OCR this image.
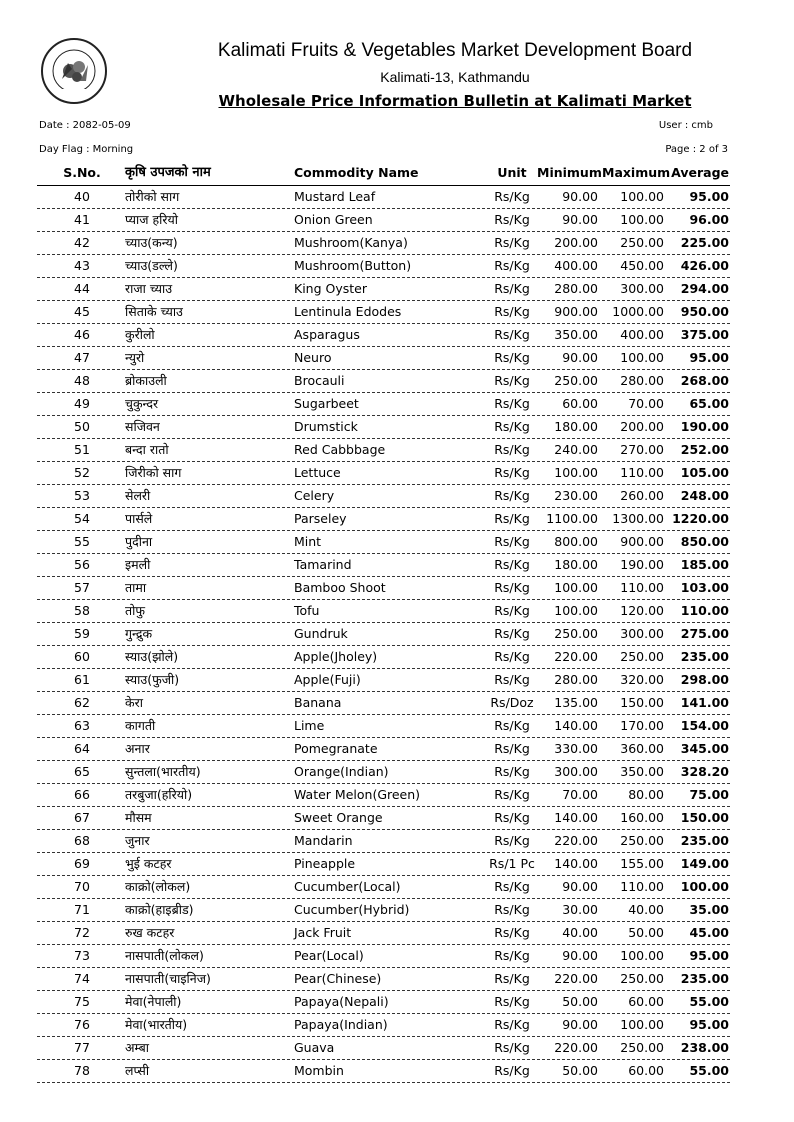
Kalimati Fruits & Vegetables Market Development Board
Kalimati-13, Kathmandu
Wholesale Price Information Bulletin at Kalimati Market
Date : 2082-05-09	User : cmb
Day Flag : Morning	Page : 2 of 3
S.No.	कृषि उपजको नाम	Commodity Name	Unit Minimum Maximum Average
40	तोरीको साग	Mustard Leaf	Rs/Kg	90.00	100.00	95.00
41	प्याज हरियो	Onion Green	Rs/Kg	90.00	100.00	96.00
42	च्याउ(कन्य)	Mushroom(Kanya)	Rs/Kg	200.00	250.00	225.00
43	च्याउ(डल्ले)	Mushroom(Button)	Rs/Kg	400.00	450.00	426.00
44	राजा च्याउ	King Oyster	Rs/Kg	280.00	300.00	294.00
45	सिताके च्याउ	Lentinula Edodes	Rs/Kg	900.00	1000.00	950.00
46	कुरीलो	Asparagus	Rs/Kg	350.00	400.00	375.00
47	न्युरो	Neuro	Rs/Kg	90.00	100.00	95.00
48	ब्रोकाउली	Brocauli	Rs/Kg	250.00	280.00	268.00
49	चुकुन्दर	Sugarbeet	Rs/Kg	60.00	70.00	65.00
50	सजिवन	Drumstick	Rs/Kg	180.00	200.00	190.00
51	बन्दा रातो	Red Cabbbage	Rs/Kg	240.00	270.00	252.00
52	जिरीको साग	Lettuce	Rs/Kg	100.00	110.00	105.00
53	सेलरी	Celery	Rs/Kg	230.00	260.00	248.00
54	पार्सले	Parseley	Rs/Kg	1100.00	1300.00 1220.00
55	पुदीना	Mint	Rs/Kg	800.00	900.00	850.00
56	इमली	Tamarind	Rs/Kg	180.00	190.00	185.00
57	तामा	Bamboo Shoot	Rs/Kg	100.00	110.00	103.00
58	तोफु	Tofu	Rs/Kg	100.00	120.00	110.00
59	गुन्द्रुक	Gundruk	Rs/Kg	250.00	300.00	275.00
60	स्याउ(झोले)	Apple(Jholey)	Rs/Kg	220.00	250.00	235.00
61	स्याउ(फुजी)	Apple(Fuji)	Rs/Kg	280.00	320.00	298.00
62	केरा	Banana	Rs/Doz	135.00	150.00	141.00
63	कागती	Lime	Rs/Kg	140.00	170.00	154.00
64	अनार	Pomegranate	Rs/Kg	330.00	360.00	345.00
65	सुन्तला(भारतीय)	Orange(Indian)	Rs/Kg	300.00	350.00	328.20
66	तरबुजा(हरियो)	Water Melon(Green)	Rs/Kg	70.00	80.00	75.00
67	मौसम	Sweet Orange	Rs/Kg	140.00	160.00	150.00
68	जुनार	Mandarin	Rs/Kg	220.00	250.00	235.00
69	भुई कटहर	Pineapple	Rs/1 Pc	140.00	155.00	149.00
70	काक्रो(लोकल)	Cucumber(Local)	Rs/Kg	90.00	110.00	100.00
71	काक्रो(हाइब्रीड)	Cucumber(Hybrid)	Rs/Kg	30.00	40.00	35.00
72	रुख कटहर	Jack Fruit	Rs/Kg	40.00	50.00	45.00
73	नासपाती(लोकल)	Pear(Local)	Rs/Kg	90.00	100.00	95.00
74	नासपाती(चाइनिज)	Pear(Chinese)	Rs/Kg	220.00	250.00	235.00
75	मेवा(नेपाली)	Papaya(Nepali)	Rs/Kg	50.00	60.00	55.00
76	मेवा(भारतीय)	Papaya(Indian)	Rs/Kg	90.00	100.00	95.00
77	अम्बा	Guava	Rs/Kg	220.00	250.00	238.00
78	लप्सी	Mombin	Rs/Kg	50.00	60.00	55.00
